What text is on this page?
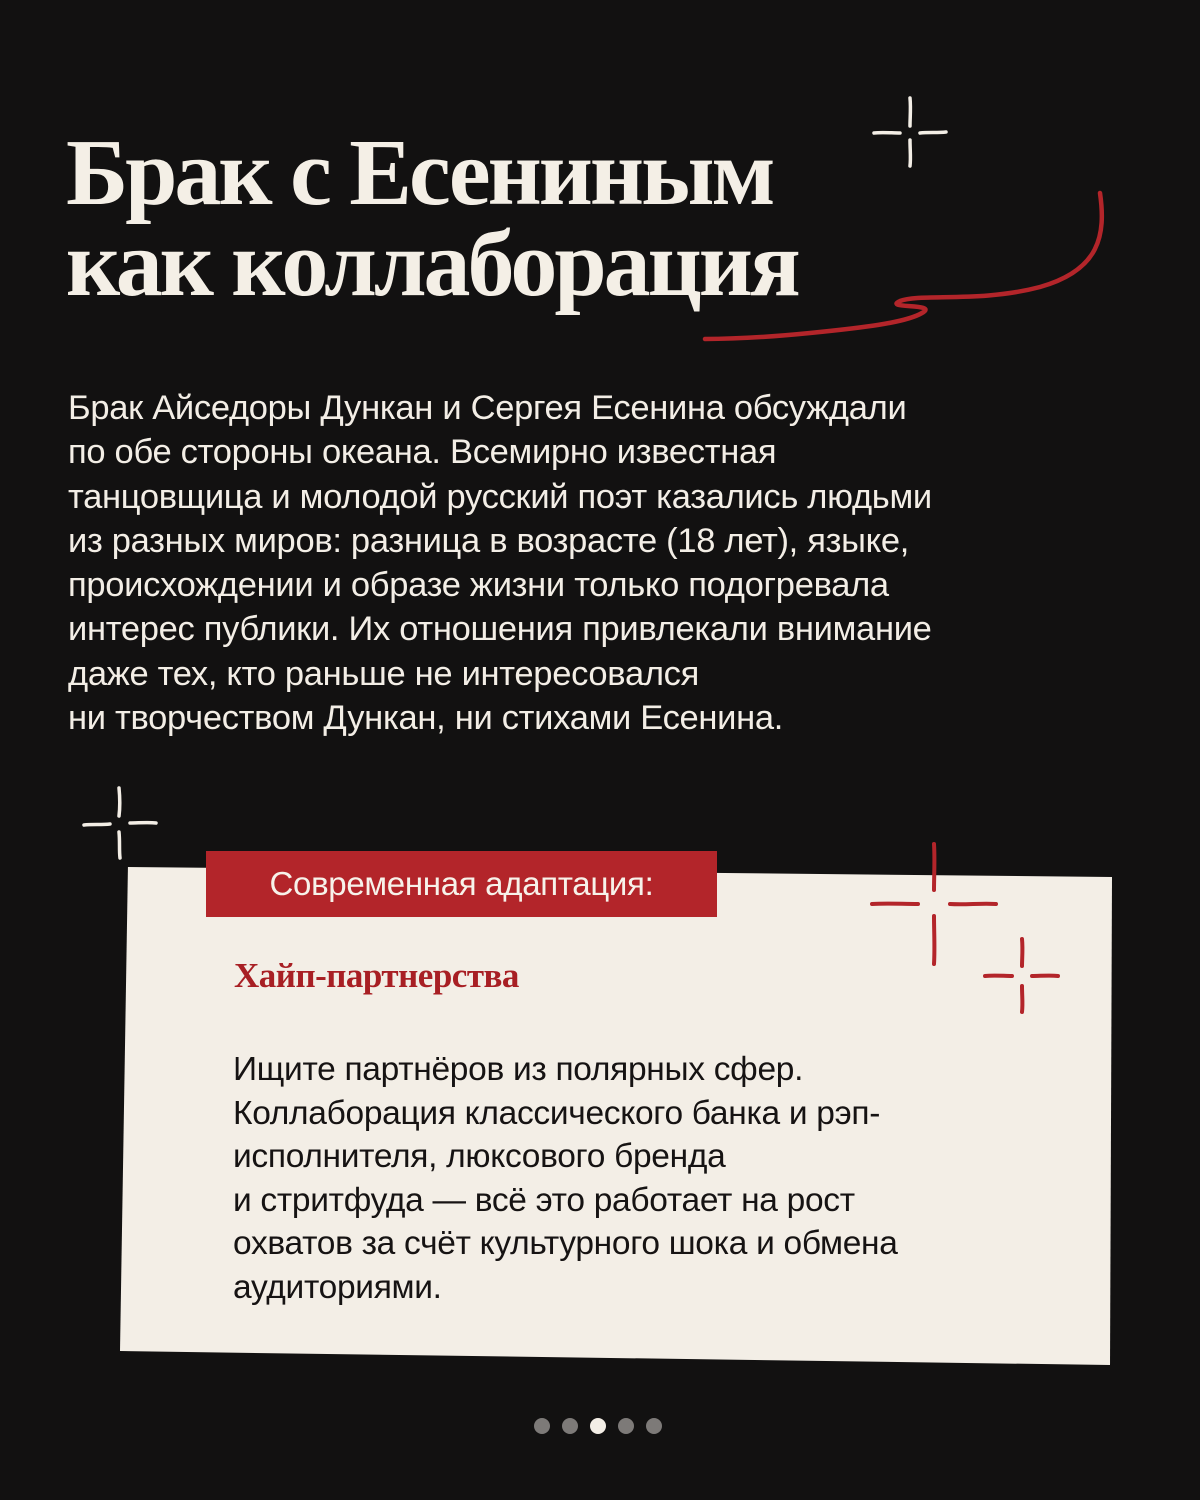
Брак с Есениным
как коллаборация
Брак Айседоры Дункан и Сергея Есенина обсуждали
по обе стороны океана. Всемирно известная
танцовщица и молодой русский поэт казались людьми
из разных миров: разница в возрасте (18 лет), языке,
происхождении и образе жизни только подогревала
интерес публики. Их отношения привлекали внимание
даже тех, кто раньше не интересовался
ни творчеством Дункан, ни стихами Есенина.
Современная адаптация:
Хайп-партнерства
Ищите партнёров из полярных сфер.
Коллаборация классического банка и рэп-
исполнителя, люксового бренда
и стритфуда — всё это работает на рост
охватов за счёт культурного шока и обмена
аудиториями.
